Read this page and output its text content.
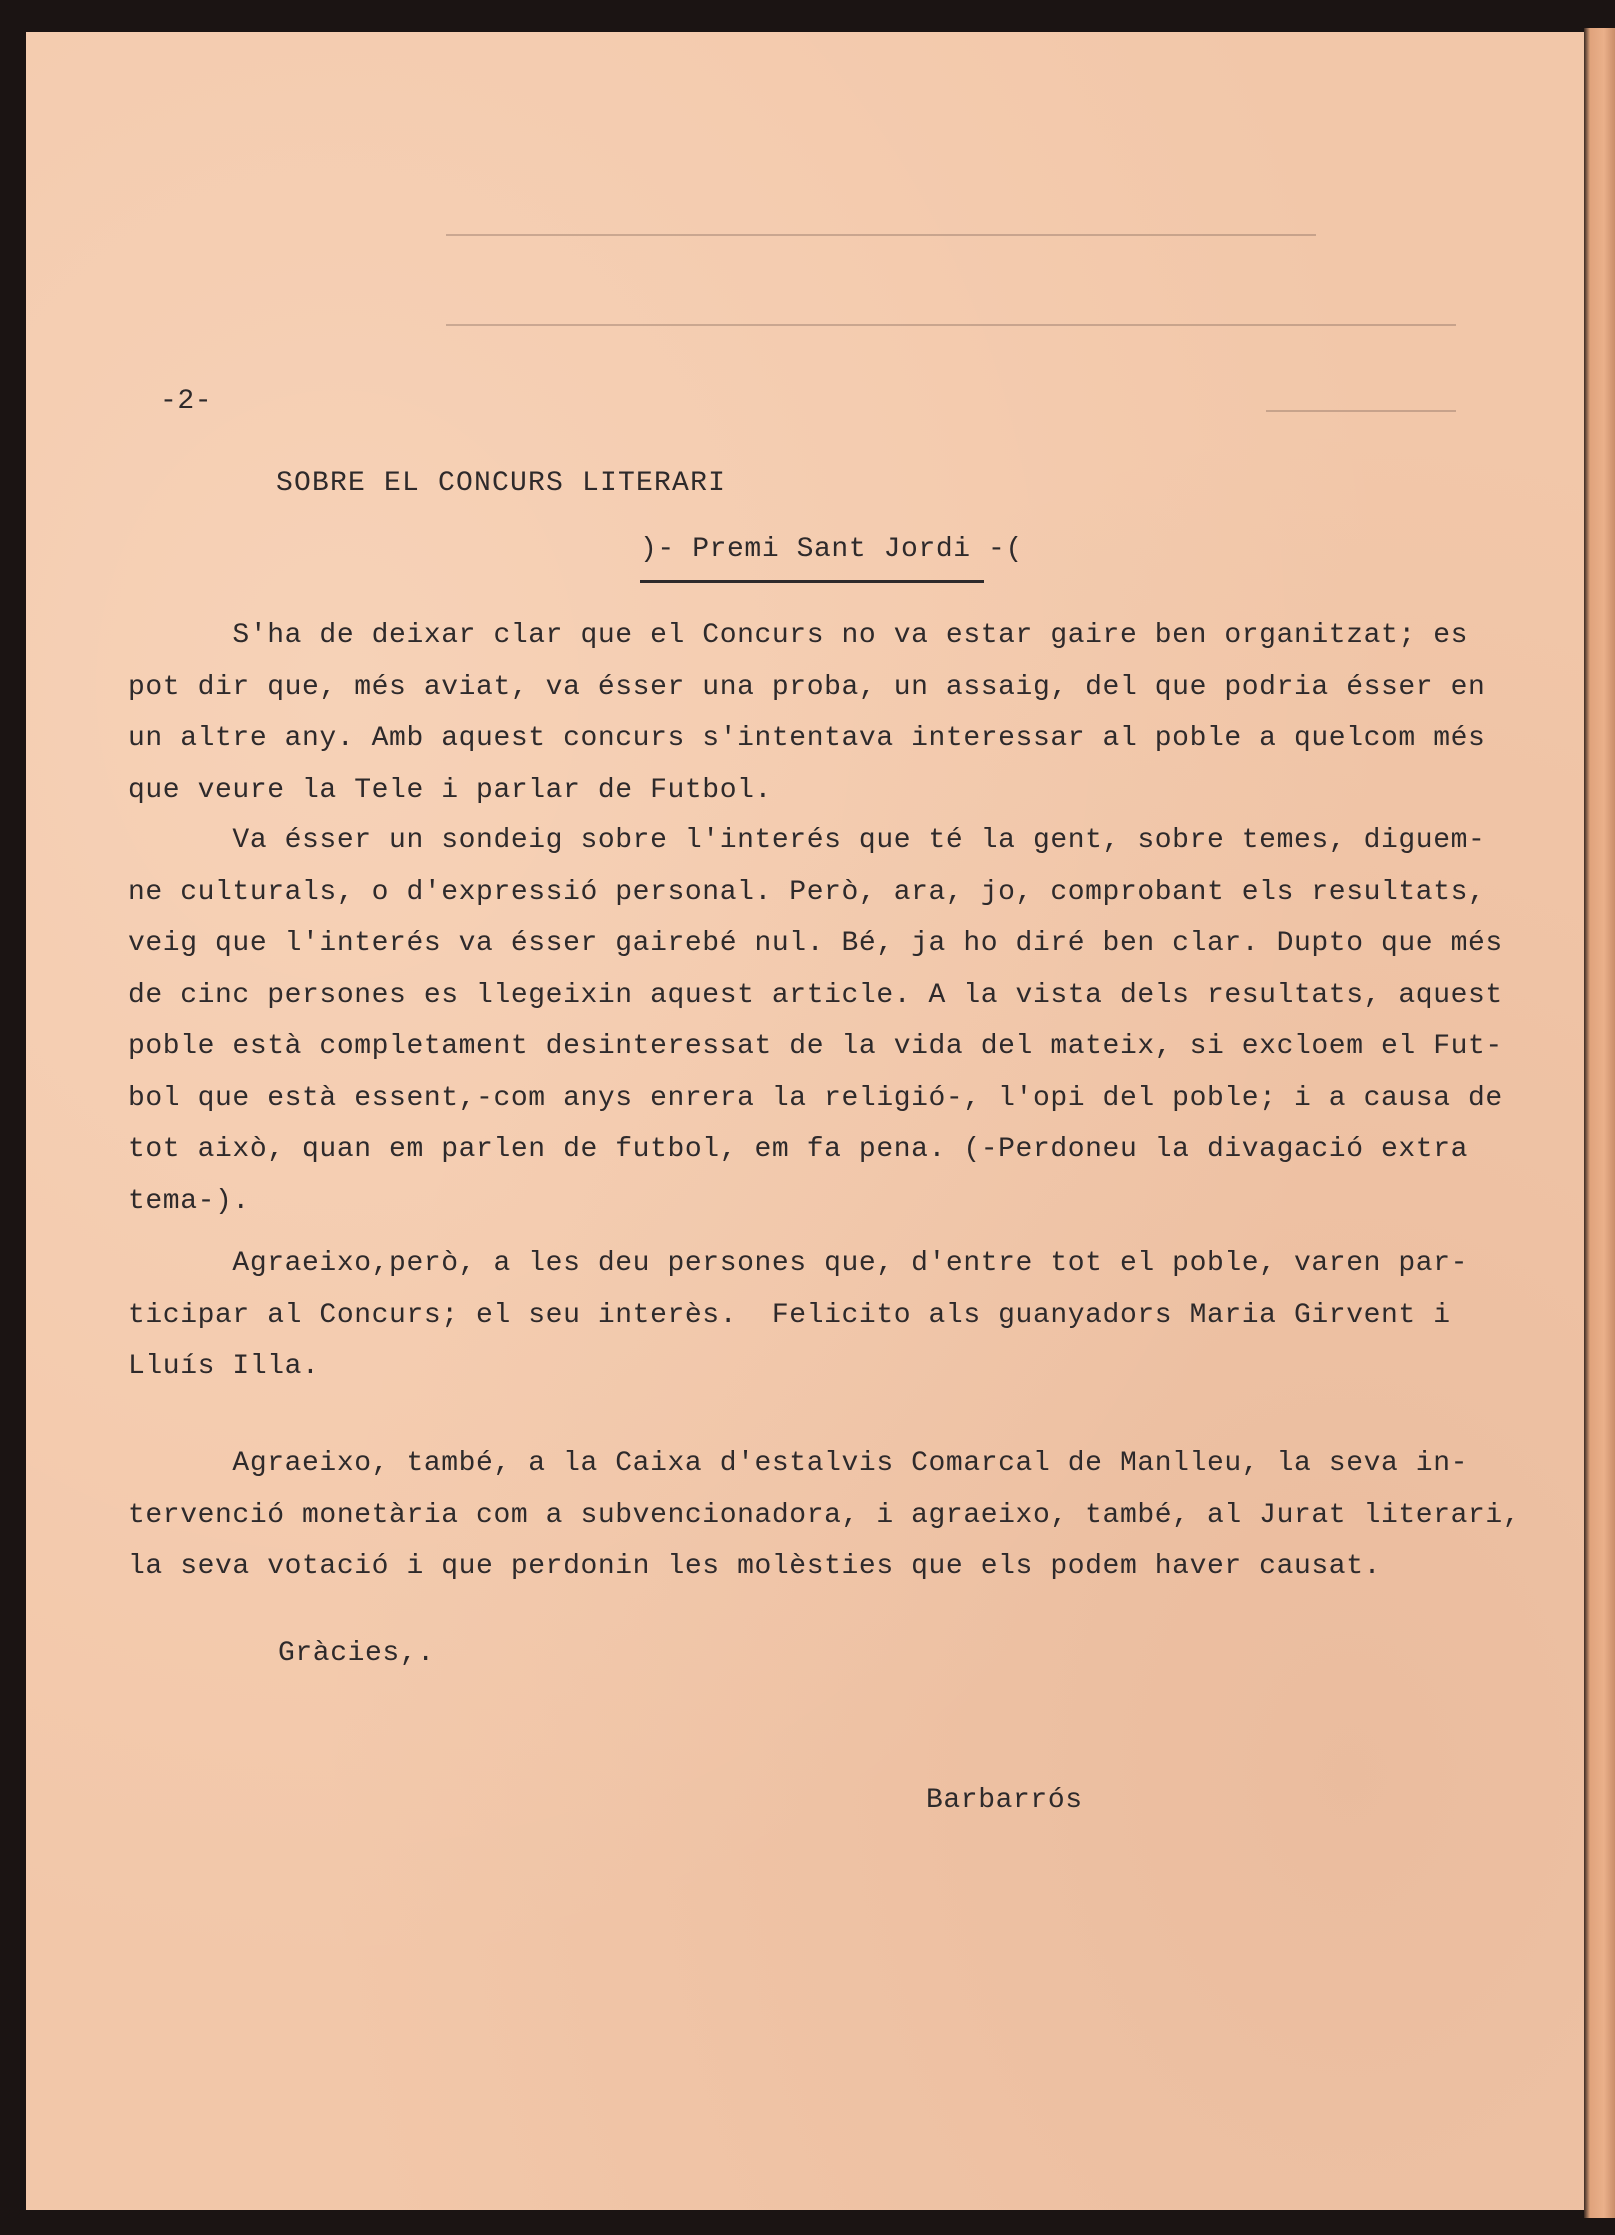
-2-
SOBRE EL CONCURS LITERARI
)- Premi Sant Jordi -(
S'ha de deixar clar que el Concurs no va estar gaire ben organitzat; es
pot dir que, més aviat, va ésser una proba, un assaig, del que podria ésser en
un altre any. Amb aquest concurs s'intentava interessar al poble a quelcom més
que veure la Tele i parlar de Futbol.
Va ésser un sondeig sobre l'interés que té la gent, sobre temes, diguem-
ne culturals, o d'expressió personal. Però, ara, jo, comprobant els resultats,
veig que l'interés va ésser gairebé nul. Bé, ja ho diré ben clar. Dupto que més
de cinc persones es llegeixin aquest article. A la vista dels resultats, aquest
poble està completament desinteressat de la vida del mateix, si excloem el Fut-
bol que està essent,-com anys enrera la religió-, l'opi del poble; i a causa de
tot això, quan em parlen de futbol, em fa pena. (-Perdoneu la divagació extra
tema-).
Agraeixo,però, a les deu persones que, d'entre tot el poble, varen par-
ticipar al Concurs; el seu interès.  Felicito als guanyadors Maria Girvent i
Lluís Illa.
Agraeixo, també, a la Caixa d'estalvis Comarcal de Manlleu, la seva in-
tervenció monetària com a subvencionadora, i agraeixo, també, al Jurat literari,
la seva votació i que perdonin les molèsties que els podem haver causat.
Gràcies,.
Barbarrós
